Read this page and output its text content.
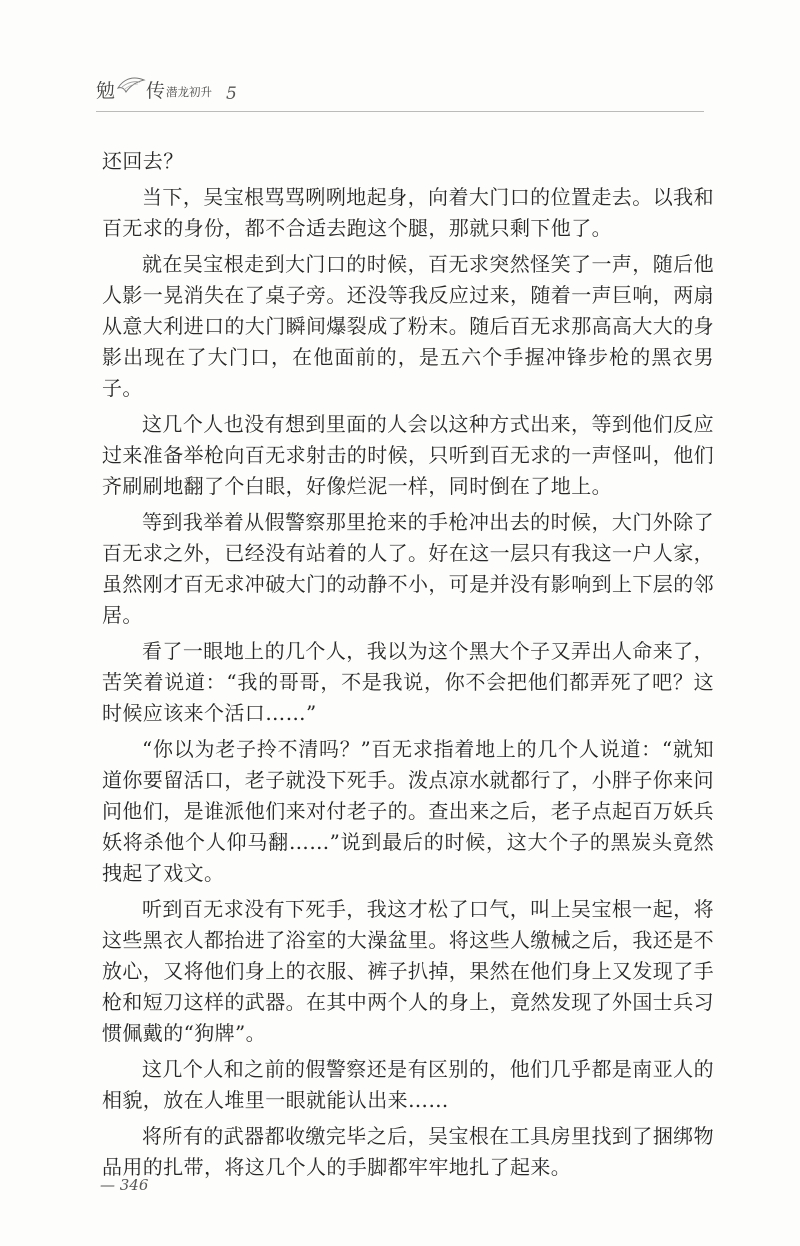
勉 传 潜龙初升 5

还回去？

当下，吴宝根骂骂咧咧地起身，向着大门口的位置走去。以我和百无求的身份，都不合适去跑这个腿，那就只剩下他了。

就在吴宝根走到大门口的时候，百无求突然怪笑了一声，随后他人影一晃消失在了桌子旁。还没等我反应过来，随着一声巨响，两扇从意大利进口的大门瞬间爆裂成了粉末。随后百无求那高高大大的身影出现在了大门口，在他面前的，是五六个手握冲锋步枪的黑衣男子。

这几个人也没有想到里面的人会以这种方式出来，等到他们反应过来准备举枪向百无求射击的时候，只听到百无求的一声怪叫，他们齐刷刷地翻了个白眼，好像烂泥一样，同时倒在了地上。

等到我举着从假警察那里抢来的手枪冲出去的时候，大门外除了百无求之外，已经没有站着的人了。好在这一层只有我这一户人家，虽然刚才百无求冲破大门的动静不小，可是并没有影响到上下层的邻居。

看了一眼地上的几个人，我以为这个黑大个子又弄出人命来了，苦笑着说道：“我的哥哥，不是我说，你不会把他们都弄死了吧？这时候应该来个活口……”

“你以为老子拎不清吗？”百无求指着地上的几个人说道：“就知道你要留活口，老子就没下死手。泼点凉水就都行了，小胖子你来问问他们，是谁派他们来对付老子的。查出来之后，老子点起百万妖兵妖将杀他个人仰马翻……”说到最后的时候，这大个子的黑炭头竟然拽起了戏文。

听到百无求没有下死手，我这才松了口气，叫上吴宝根一起，将这些黑衣人都抬进了浴室的大澡盆里。将这些人缴械之后，我还是不放心，又将他们身上的衣服、裤子扒掉，果然在他们身上又发现了手枪和短刀这样的武器。在其中两个人的身上，竟然发现了外国士兵习惯佩戴的“狗牌”。

这几个人和之前的假警察还是有区别的，他们几乎都是南亚人的相貌，放在人堆里一眼就能认出来……

将所有的武器都收缴完毕之后，吴宝根在工具房里找到了捆绑物品用的扎带，将这几个人的手脚都牢牢地扎了起来。

— 346
